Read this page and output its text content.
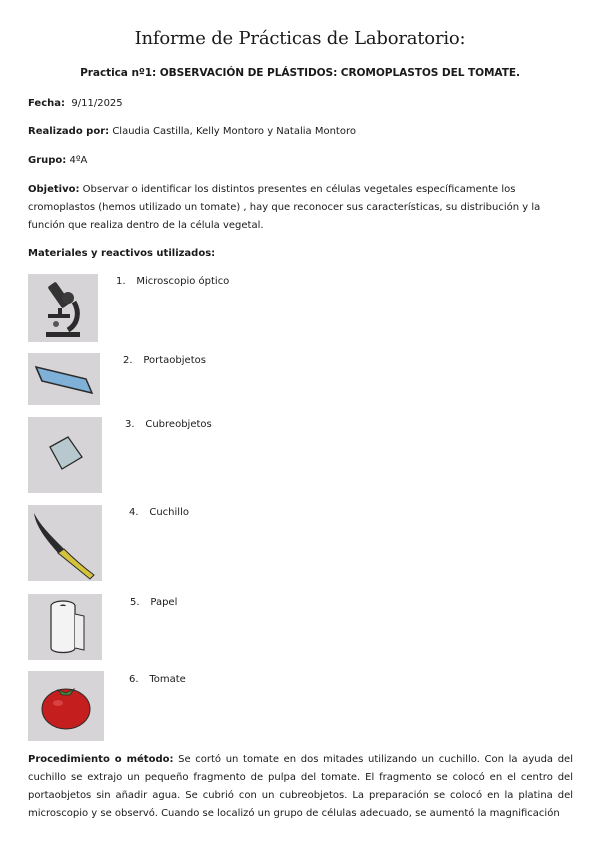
Informe de Prácticas de Laboratorio:
Practica nº1: OBSERVACIÓN DE PLÁSTIDOS: CROMOPLASTOS DEL TOMATE.
Fecha: 9/11/2025
Realizado por: Claudia Castilla, Kelly Montoro y Natalia Montoro
Grupo: 4ºA
Objetivo: Observar o identificar los distintos presentes en células vegetales específicamente los cromoplastos (hemos utilizado un tomate) , hay que reconocer sus características, su distribución y la función que realiza dentro de la célula vegetal.
Materiales y reactivos utilizados:
1. Microscopio óptico
2. Portaobjetos
3. Cubreobjetos
4. Cuchillo
5. Papel
6. Tomate
Procedimiento o método: Se cortó un tomate en dos mitades utilizando un cuchillo. Con la ayuda del cuchillo se extrajo un pequeño fragmento de pulpa del tomate. El fragmento se colocó en el centro del portaobjetos sin añadir agua. Se cubrió con un cubreobjetos. La preparación se colocó en la platina del microscopio y se observó. Cuando se localizó un grupo de células adecuado, se aumentó la magnificación
